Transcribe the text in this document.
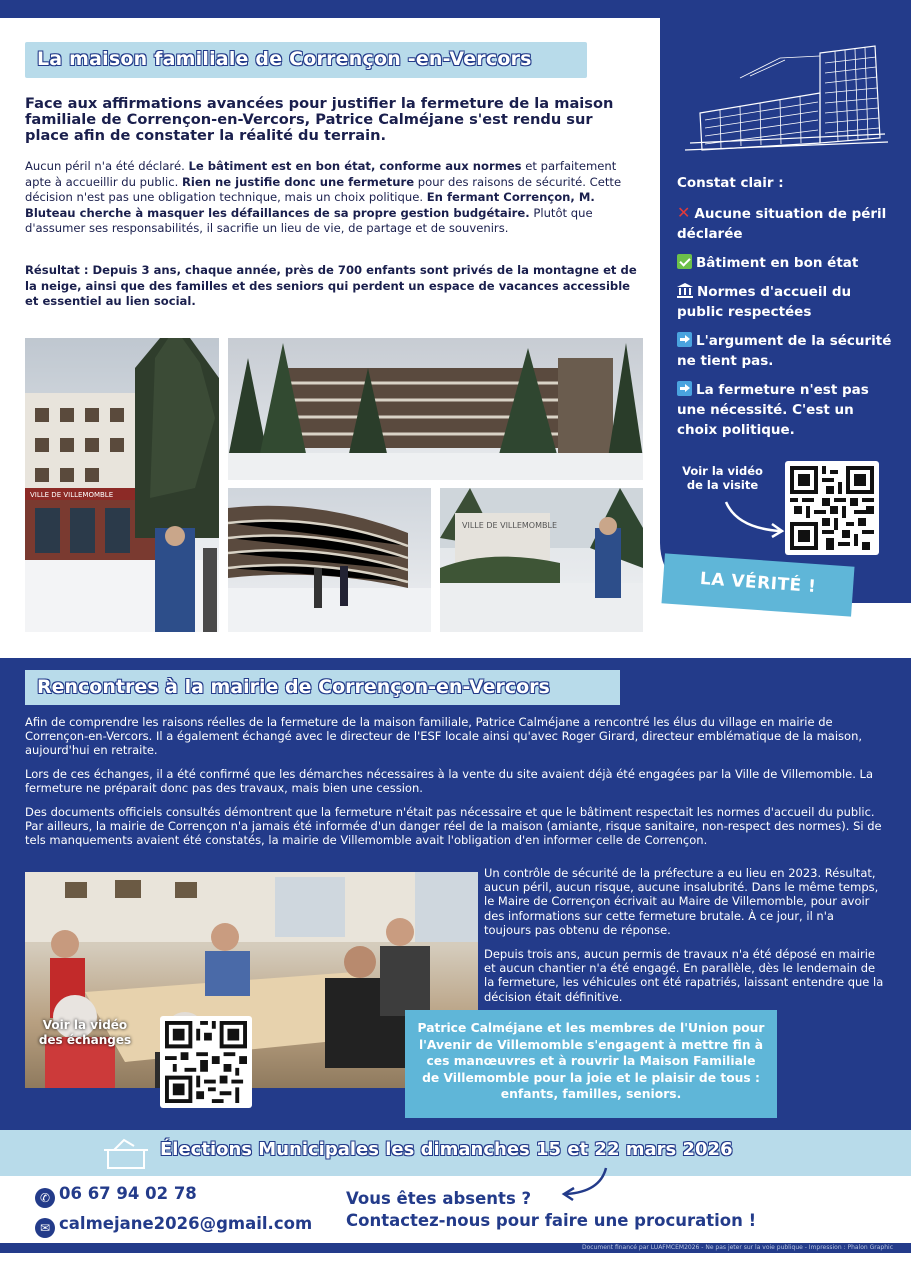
La maison familiale de Corrençon -en-Vercors
Face aux affirmations avancées pour justifier la fermeture de la maison familiale de Corrençon-en-Vercors, Patrice Calméjane s'est rendu sur place afin de constater la réalité du terrain.
Aucun péril n'a été déclaré. Le bâtiment est en bon état, conforme aux normes et parfaitement apte à accueillir du public. Rien ne justifie donc une fermeture pour des raisons de sécurité. Cette décision n'est pas une obligation technique, mais un choix politique. En fermant Corrençon, M. Bluteau cherche à masquer les défaillances de sa propre gestion budgétaire. Plutôt que d'assumer ses responsabilités, il sacrifie un lieu de vie, de partage et de souvenirs.
Résultat : Depuis 3 ans, chaque année, près de 700 enfants sont privés de la montagne et de la neige, ainsi que des familles et des seniors qui perdent un espace de vacances accessible et essentiel au lien social.
Constat clair :
✕ Aucune situation de péril déclarée
Bâtiment en bon état
Normes d'accueil du public respectées
L'argument de la sécurité ne tient pas.
La fermeture n'est pas une nécessité. C'est un choix politique.
Voir la vidéo de la visite
LA VÉRITÉ !
VILLE DE VILLEMOMBLE
VILLE DE VILLEMOMBLE
Rencontres à la mairie de Corrençon-en-Vercors

Afin de comprendre les raisons réelles de la fermeture de la maison familiale, Patrice Calméjane a rencontré les élus du village en mairie de Corrençon-en-Vercors. Il a également échangé avec le directeur de l'ESF locale ainsi qu'avec Roger Girard, directeur emblématique de la maison, aujourd'hui en retraite.

Lors de ces échanges, il a été confirmé que les démarches nécessaires à la vente du site avaient déjà été engagées par la Ville de Villemomble. La fermeture ne préparait donc pas des travaux, mais bien une cession.

Des documents officiels consultés démontrent que la fermeture n'était pas nécessaire et que le bâtiment respectait les normes d'accueil du public. Par ailleurs, la mairie de Corrençon n'a jamais été informée d'un danger réel de la maison (amiante, risque sanitaire, non-respect des normes). Si de tels manquements avaient été constatés, la mairie de Villemomble avait l'obligation d'en informer celle de Corrençon.

Voir la vidéo des échanges

Un contrôle de sécurité de la préfecture a eu lieu en 2023. Résultat, aucun péril, aucun risque, aucune insalubrité. Dans le même temps, le Maire de Corrençon écrivait au Maire de Villemomble, pour avoir des informations sur cette fermeture brutale. À ce jour, il n'a toujours pas obtenu de réponse.

Depuis trois ans, aucun permis de travaux n'a été déposé en mairie et aucun chantier n'a été engagé. En parallèle, dès le lendemain de la fermeture, les véhicules ont été rapatriés, laissant entendre que la décision était définitive.

Patrice Calméjane et les membres de l'Union pour l'Avenir de Villemomble s'engagent à mettre fin à ces manœuvres et à rouvrir la Maison Familiale de Villemomble pour la joie et le plaisir de tous : enfants, familles, seniors.
Élections Municipales les dimanches 15 et 22 mars 2026
✆ 06 67 94 02 78
✉ calmejane2026@gmail.com
Vous êtes absents ?
Contactez-nous pour faire une procuration !
Document financé par LUAFMCEM2026 - Ne pas jeter sur la voie publique - Impression : Phalon Graphic
